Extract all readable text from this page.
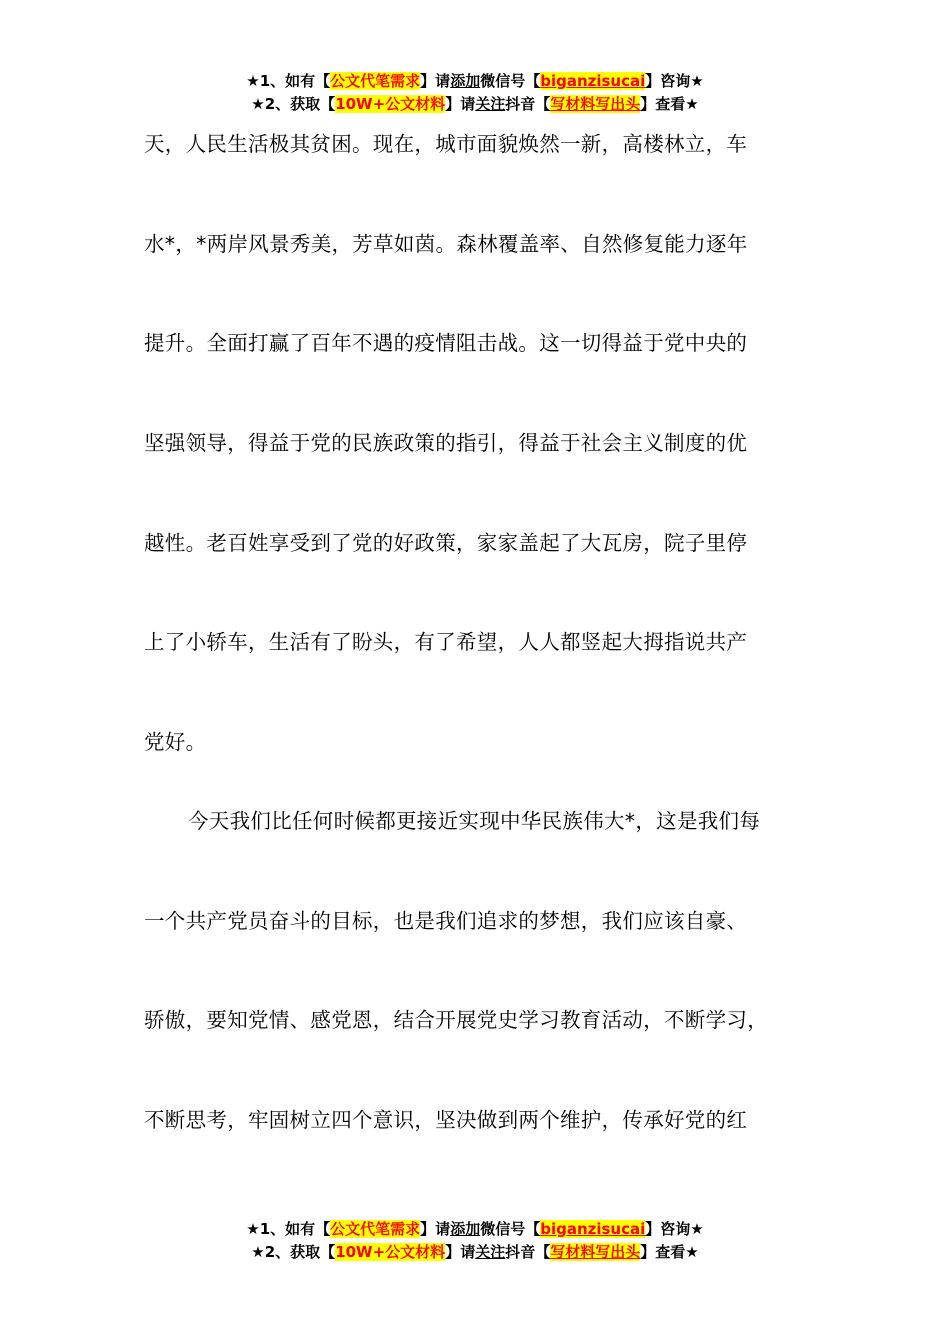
★1、如有【公文代笔需求】请添加微信号【biganzisucai】咨询★
★2、获取【10W+公文材料】请关注抖音【写材料写出头】查看★
天，人民生活极其贫困。现在，城市面貌焕然一新，高楼林立，车
水*，*两岸风景秀美，芳草如茵。森林覆盖率、自然修复能力逐年
提升。全面打赢了百年不遇的疫情阻击战。这一切得益于党中央的
坚强领导，得益于党的民族政策的指引，得益于社会主义制度的优
越性。老百姓享受到了党的好政策，家家盖起了大瓦房，院子里停
上了小轿车，生活有了盼头，有了希望，人人都竖起大拇指说共产
党好。
今天我们比任何时候都更接近实现中华民族伟大*，这是我们每
一个共产党员奋斗的目标，也是我们追求的梦想，我们应该自豪、
骄傲，要知党情、感党恩，结合开展党史学习教育活动，不断学习，
不断思考，牢固树立四个意识，坚决做到两个维护，传承好党的红
★1、如有【公文代笔需求】请添加微信号【biganzisucai】咨询★
★2、获取【10W+公文材料】请关注抖音【写材料写出头】查看★
